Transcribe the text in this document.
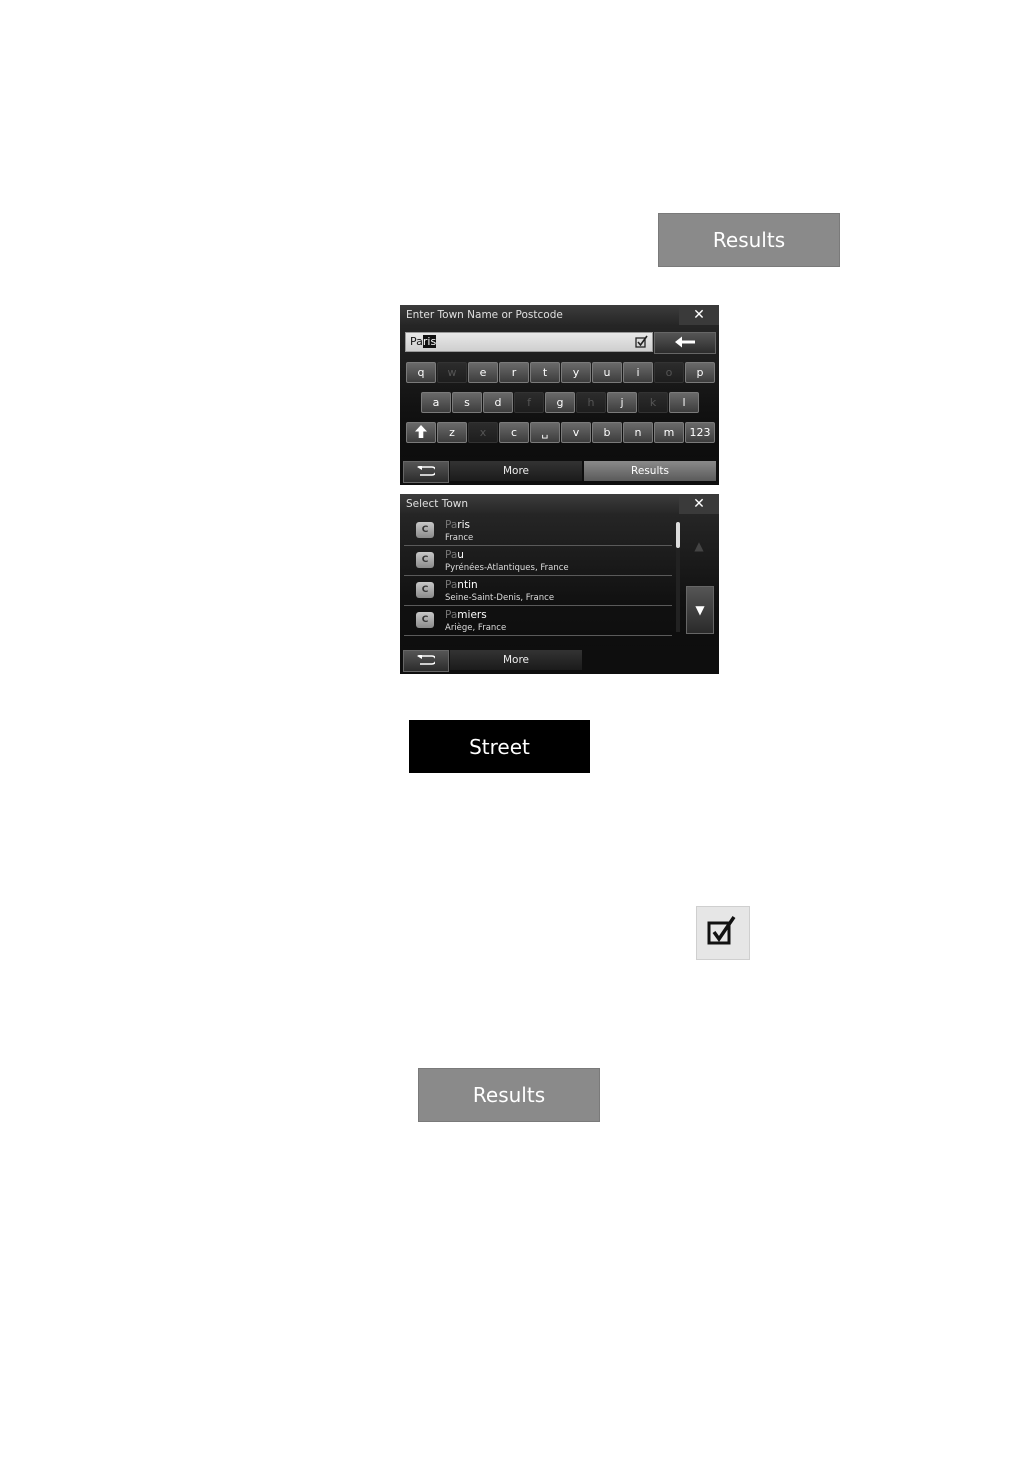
Results
Enter Town Name or Postcode	✕
Paris
q w e r t y u i o p
a s d f g h j k l
z x c ␣ v b n m 123
More	Results
Select Town	✕
C	Paris
France
C	Pau
Pyrénées-Atlantiques, France
C	Pantin
Seine-Saint-Denis, France
C	Pamiers
Ariège, France
▲
▼
More
Street
Results
